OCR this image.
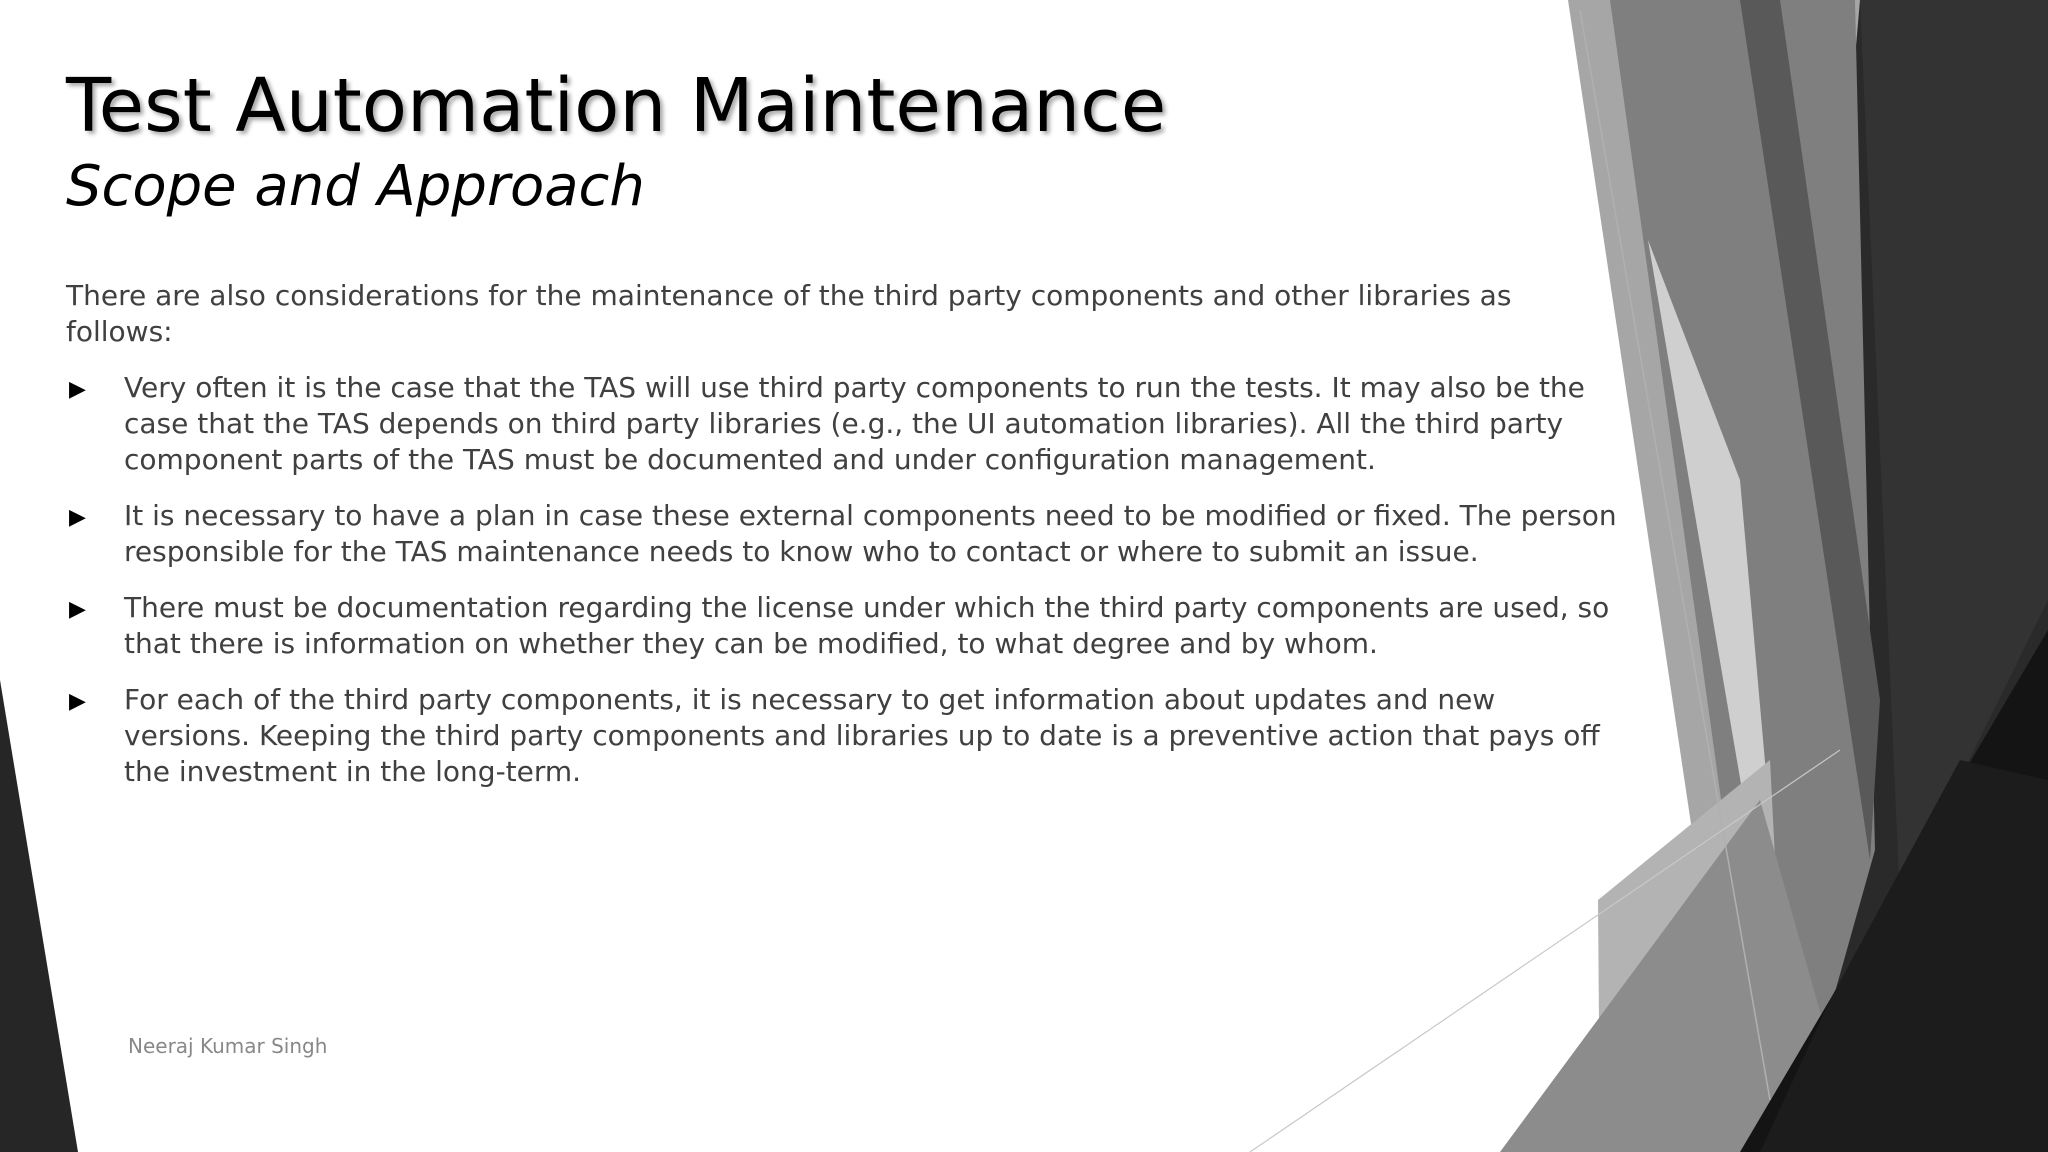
Test Automation Maintenance
Scope and Approach

There are also considerations for the maintenance of the third party components and other libraries as follows:

▶ Very often it is the case that the TAS will use third party components to run the tests. It may also be the case that the TAS depends on third party libraries (e.g., the UI automation libraries). All the third party component parts of the TAS must be documented and under configuration management.
▶ It is necessary to have a plan in case these external components need to be modified or fixed. The person responsible for the TAS maintenance needs to know who to contact or where to submit an issue.
▶ There must be documentation regarding the license under which the third party components are used, so that there is information on whether they can be modified, to what degree and by whom.
▶ For each of the third party components, it is necessary to get information about updates and new versions. Keeping the third party components and libraries up to date is a preventive action that pays off the investment in the long-term.
Neeraj Kumar Singh
